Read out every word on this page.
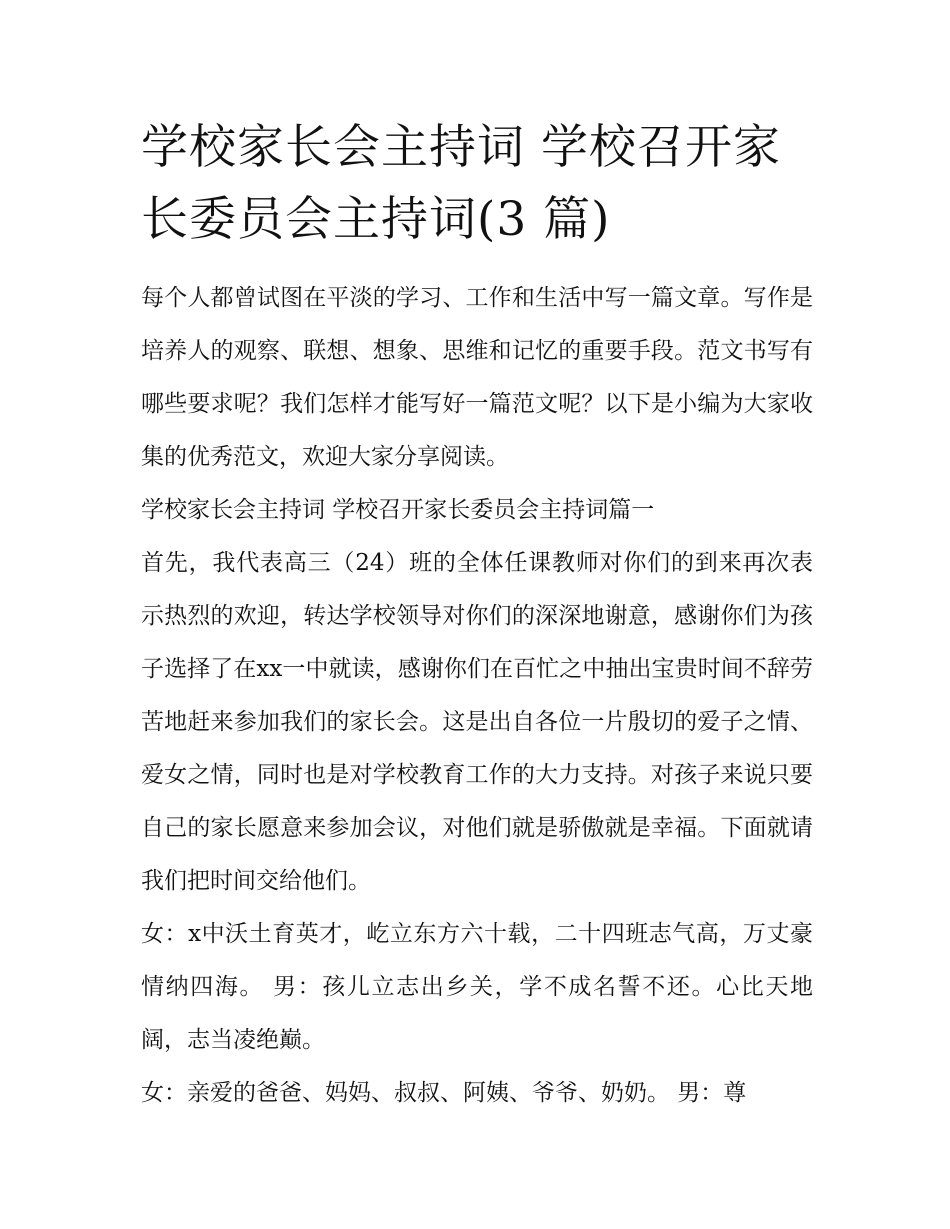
学校家长会主持词 学校召开家长委员会主持词(3 篇)

每个人都曾试图在平淡的学习、工作和生活中写一篇文章。写作是培养人的观察、联想、想象、思维和记忆的重要手段。范文书写有哪些要求呢？我们怎样才能写好一篇范文呢？以下是小编为大家收集的优秀范文，欢迎大家分享阅读。

学校家长会主持词 学校召开家长委员会主持词篇一

首先，我代表高三（24）班的全体任课教师对你们的到来再次表示热烈的欢迎，转达学校领导对你们的深深地谢意，感谢你们为孩子选择了在xx一中就读，感谢你们在百忙之中抽出宝贵时间不辞劳苦地赶来参加我们的家长会。这是出自各位一片殷切的爱子之情、爱女之情，同时也是对学校教育工作的大力支持。对孩子来说只要自己的家长愿意来参加会议，对他们就是骄傲就是幸福。下面就请我们把时间交给他们。

女：x中沃土育英才，屹立东方六十载，二十四班志气高，万丈豪情纳四海。 男：孩儿立志出乡关，学不成名誓不还。心比天地阔，志当凌绝巅。

女：亲爱的爸爸、妈妈、叔叔、阿姨、爷爷、奶奶。 男：尊
